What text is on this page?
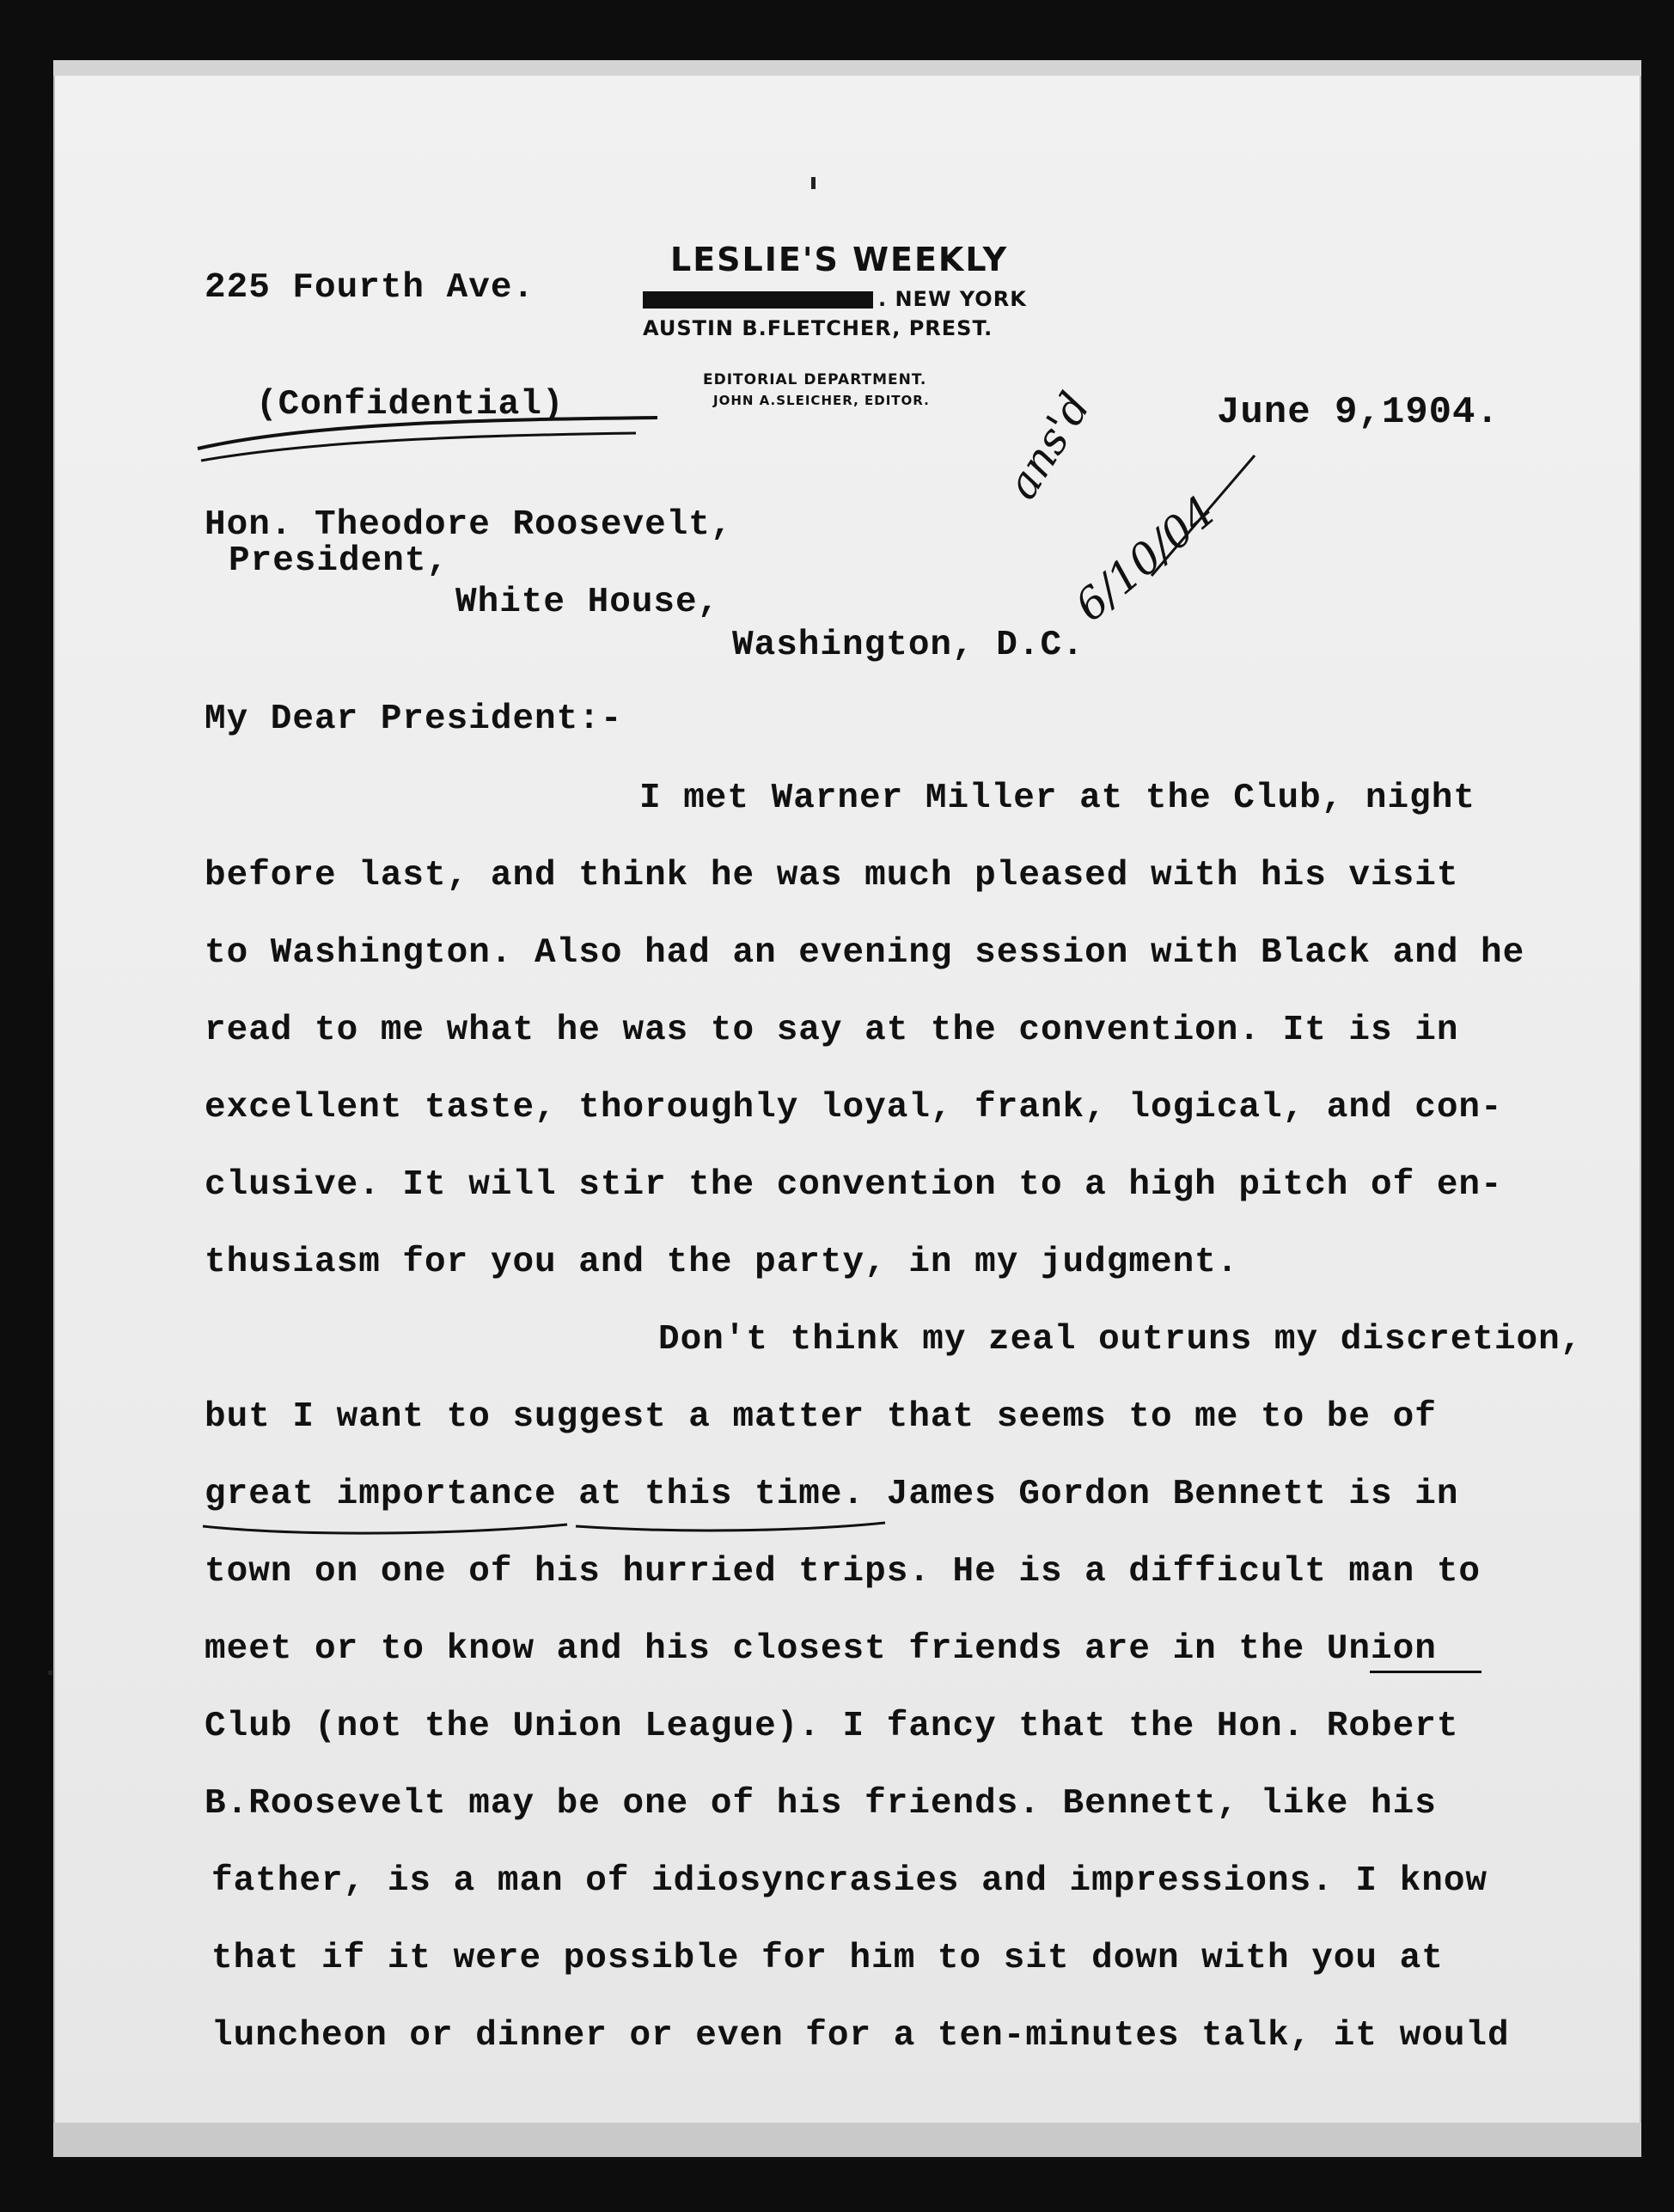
225 Fourth Ave.
LESLIE'S WEEKLY
. NEW YORK
AUSTIN B.FLETCHER, PREST.
EDITORIAL DEPARTMENT.
JOHN A.SLEICHER, EDITOR.
(Confidential)	June 9,1904.
ans'd
6/10/04
Hon. Theodore Roosevelt,
President,
White House,
Washington, D.C.
My Dear President:-
I met Warner Miller at the Club, night
before last, and think he was much pleased with his visit
to Washington. Also had an evening session with Black and he
read to me what he was to say at the convention. It is in
excellent taste, thoroughly loyal, frank, logical, and con-
clusive. It will stir the convention to a high pitch of en-
thusiasm for you and the party, in my judgment.
Don't think my zeal outruns my discretion,
but I want to suggest a matter that seems to me to be of
great importance at this time. James Gordon Bennett is in
town on one of his hurried trips. He is a difficult man to
meet or to know and his closest friends are in the Union
Club (not the Union League). I fancy that the Hon. Robert
B.Roosevelt may be one of his friends. Bennett, like his
father, is a man of idiosyncrasies and impressions. I know
that if it were possible for him to sit down with you at
luncheon or dinner or even for a ten-minutes talk, it would
